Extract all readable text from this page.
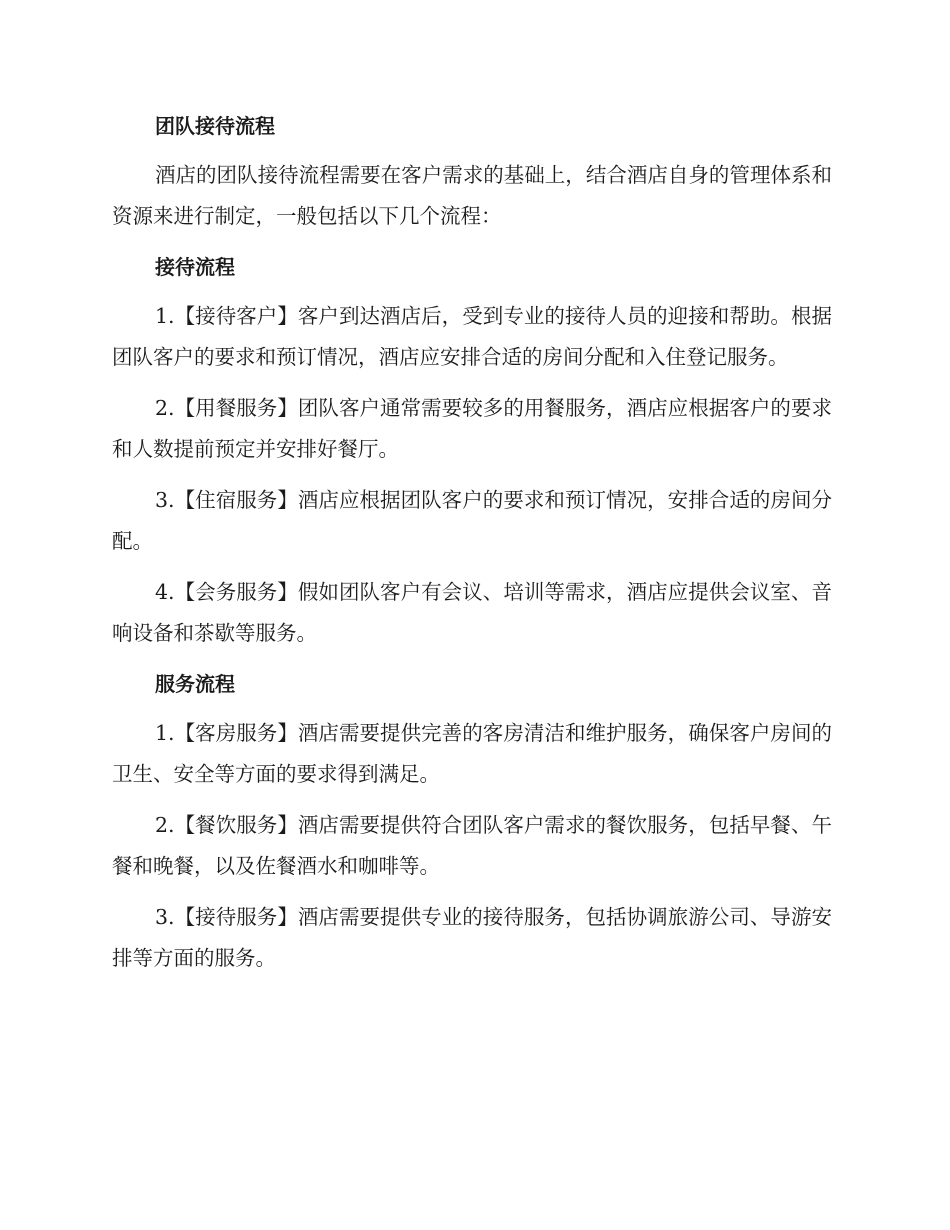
团队接待流程

酒店的团队接待流程需要在客户需求的基础上，结合酒店自身的管理体系和资源来进行制定，一般包括以下几个流程：

接待流程

1.【接待客户】客户到达酒店后，受到专业的接待人员的迎接和帮助。根据团队客户的要求和预订情况，酒店应安排合适的房间分配和入住登记服务。

2.【用餐服务】团队客户通常需要较多的用餐服务，酒店应根据客户的要求和人数提前预定并安排好餐厅。

3.【住宿服务】酒店应根据团队客户的要求和预订情况，安排合适的房间分配。

4.【会务服务】假如团队客户有会议、培训等需求，酒店应提供会议室、音响设备和茶歇等服务。

服务流程

1.【客房服务】酒店需要提供完善的客房清洁和维护服务，确保客户房间的卫生、安全等方面的要求得到满足。

2.【餐饮服务】酒店需要提供符合团队客户需求的餐饮服务，包括早餐、午餐和晚餐，以及佐餐酒水和咖啡等。

3.【接待服务】酒店需要提供专业的接待服务，包括协调旅游公司、导游安排等方面的服务。
